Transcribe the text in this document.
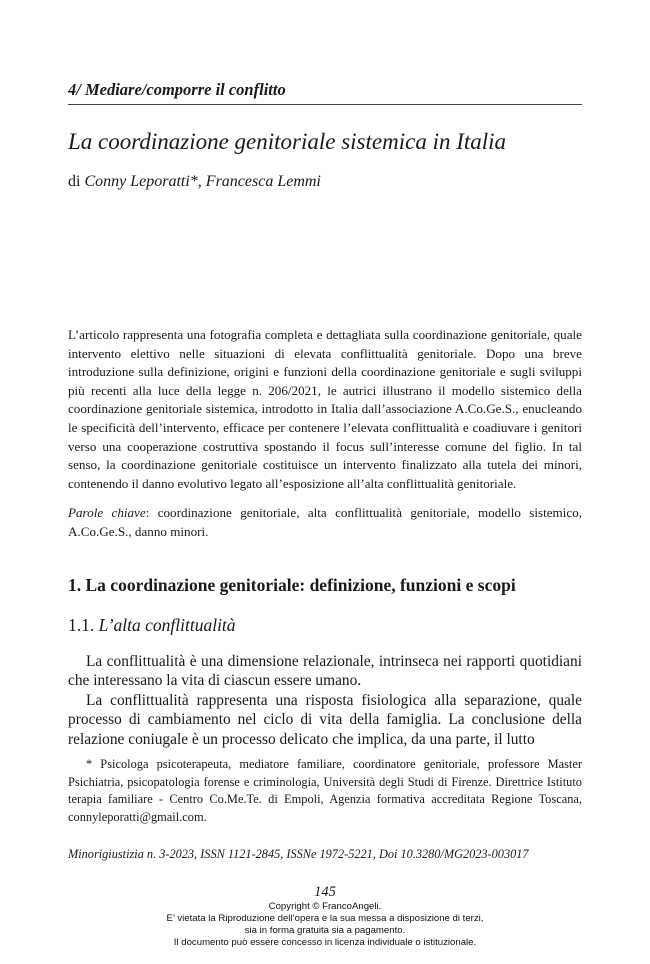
4/ Mediare/comporre il conflitto
La coordinazione genitoriale sistemica in Italia
di Conny Leporatti*, Francesca Lemmi
L’articolo rappresenta una fotografia completa e dettagliata sulla coordinazione genitoriale, quale intervento elettivo nelle situazioni di elevata conflittualità genitoriale. Dopo una breve introduzione sulla definizione, origini e funzioni della coordinazione genitoriale e sugli sviluppi più recenti alla luce della legge n. 206/2021, le autrici illustrano il modello sistemico della coordinazione genitoriale sistemica, introdotto in Italia dall’associazione A.Co.Ge.S., enucleando le specificità dell’intervento, efficace per contenere l’elevata conflittualità e coadiuvare i genitori verso una cooperazione costruttiva spostando il focus sull’interesse comune del figlio. In tal senso, la coordinazione genitoriale costituisce un intervento finalizzato alla tutela dei minori, contenendo il danno evolutivo legato all’esposizione all’alta conflittualità genitoriale.
Parole chiave: coordinazione genitoriale, alta conflittualità genitoriale, modello sistemico, A.Co.Ge.S., danno minori.
1. La coordinazione genitoriale: definizione, funzioni e scopi
1.1. L’alta conflittualità

La conflittualità è una dimensione relazionale, intrinseca nei rapporti quotidiani che interessano la vita di ciascun essere umano.

La conflittualità rappresenta una risposta fisiologica alla separazione, quale processo di cambiamento nel ciclo di vita della famiglia. La conclusione della relazione coniugale è un processo delicato che implica, da una parte, il lutto

* Psicologa psicoterapeuta, mediatore familiare, coordinatore genitoriale, professore Master Psichiatria, psicopatologia forense e criminologia, Università degli Studi di Firenze. Direttrice Istituto terapia familiare - Centro Co.Me.Te. di Empoli, Agenzia formativa accreditata Regione Toscana, connyleporatti@gmail.com.

Minorigiustizia n. 3-2023, ISSN 1121-2845, ISSNe 1972-5221, Doi 10.3280/MG2023-003017
145
Copyright © FrancoAngeli.
E’ vietata la Riproduzione dell’opera e la sua messa a disposizione di terzi,
sia in forma gratuita sia a pagamento.
Il documento può essere concesso in licenza individuale o istituzionale.
